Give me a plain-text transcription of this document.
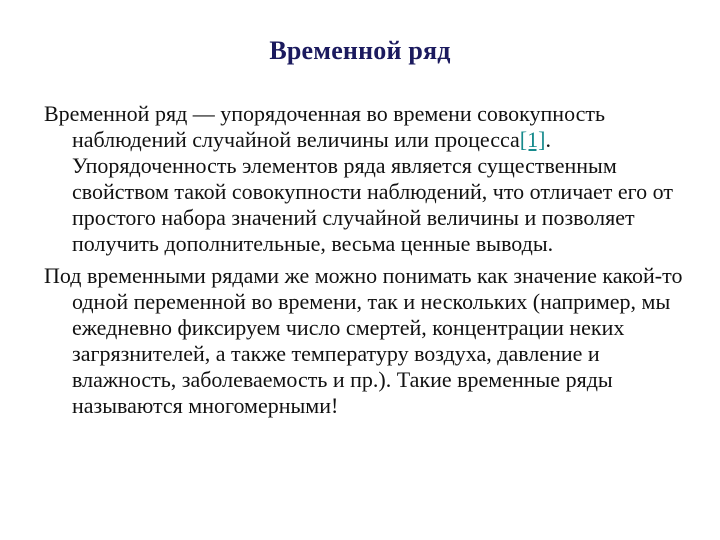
Временной ряд

Временной ряд — упорядоченная во времени совокупность наблюдений случайной величины или процесса[1]. Упорядоченность элементов ряда является существенным свойством такой совокупности наблюдений, что отличает его от простого набора значений случайной величины и позволяет получить дополнительные, весьма ценные выводы.

Под временными рядами же можно понимать как значение какой-то одной переменной во времени, так и нескольких (например, мы ежедневно фиксируем число смертей, концентрации неких загрязнителей, а также температуру воздуха, давление и влажность, заболеваемость и пр.). Такие временные ряды называются многомерными!
